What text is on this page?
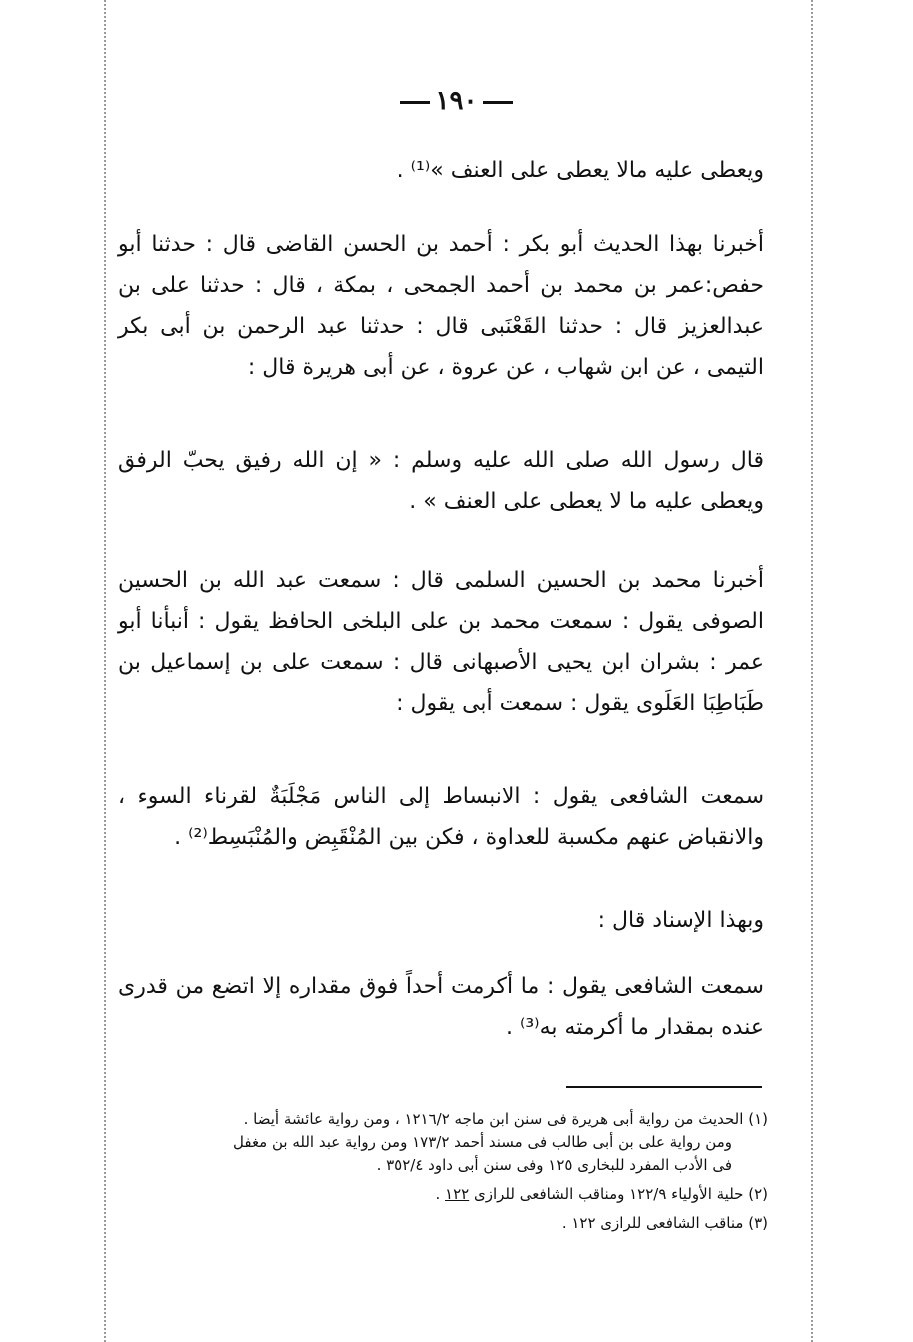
١٩٠
ويعطى عليه مالا يعطى على العنف »⁽¹⁾ .
أخبرنا بهذا الحديث أبو بكر : أحمد بن الحسن القاضى قال : حدثنا أبو حفص:عمر بن محمد بن أحمد الجمحى ، بمكة ، قال : حدثنا على بن عبدالعزيز قال : حدثنا القَعْنَبى قال : حدثنا عبد الرحمن بن أبى بكر التيمى ، عن ابن شهاب ، عن عروة ، عن أبى هريرة قال :
قال رسول الله صلى الله عليه وسلم : « إن الله رفيق يحبّ الرفق ويعطى عليه ما لا يعطى على العنف » .
أخبرنا محمد بن الحسين السلمى قال : سمعت عبد الله بن الحسين الصوفى يقول : سمعت محمد بن على البلخى الحافظ يقول : أنبأنا أبو عمر : بشران ابن يحيى الأصبهانى قال : سمعت على بن إسماعيل بن طَبَاطِبَا العَلَوى يقول : سمعت أبى يقول :
سمعت الشافعى يقول : الانبساط إلى الناس مَجْلَبَةٌ لقرناء السوء ، والانقباض عنهم مكسبة للعداوة ، فكن بين المُنْقَبِض والمُنْبَسِط⁽²⁾ .
وبهذا الإسناد قال :
سمعت الشافعى يقول : ما أكرمت أحداً فوق مقداره إلا اتضع من قدرى عنده بمقدار ما أكرمته به⁽³⁾ .
(١) الحديث من رواية أبى هريرة فى سنن ابن ماجه ١٢١٦/٢ ، ومن رواية عائشة أيضا .
ومن رواية على بن أبى طالب فى مسند أحمد ١٧٣/٢ ومن رواية عبد الله بن مغفل
فى الأدب المفرد للبخارى ١٢٥ وفى سنن أبى داود ٣٥٢/٤ .
(٢) حلية الأولياء ١٢٢/٩ ومناقب الشافعى للرازى ١٢٢ .
(٣) مناقب الشافعى للرازى ١٢٢ .
